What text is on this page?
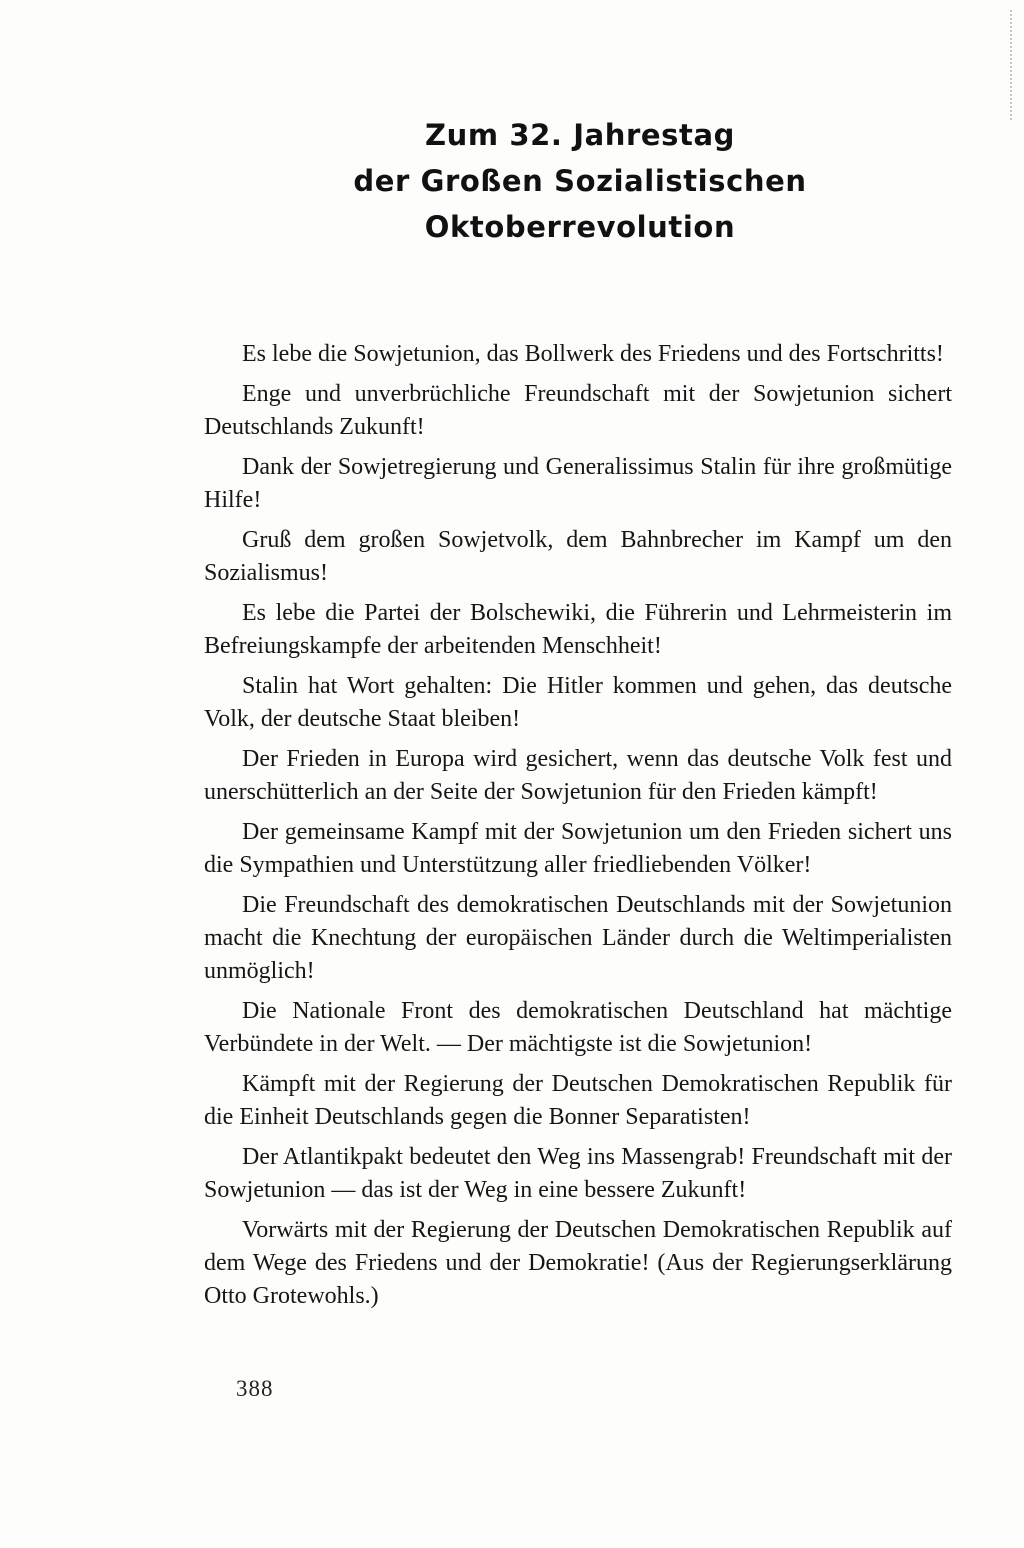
Zum 32. Jahrestag
der Großen Sozialistischen Oktoberrevolution

Es lebe die Sowjetunion, das Bollwerk des Friedens und des Fortschritts!

Enge und unverbrüchliche Freundschaft mit der Sowjetunion sichert Deutschlands Zukunft!

Dank der Sowjetregierung und Generalissimus Stalin für ihre großmütige Hilfe!

Gruß dem großen Sowjetvolk, dem Bahnbrecher im Kampf um den Sozialismus!

Es lebe die Partei der Bolschewiki, die Führerin und Lehrmeisterin im Befreiungskampfe der arbeitenden Menschheit!

Stalin hat Wort gehalten: Die Hitler kommen und gehen, das deutsche Volk, der deutsche Staat bleiben!

Der Frieden in Europa wird gesichert, wenn das deutsche Volk fest und unerschütterlich an der Seite der Sowjetunion für den Frieden kämpft!

Der gemeinsame Kampf mit der Sowjetunion um den Frieden sichert uns die Sympathien und Unterstützung aller friedliebenden Völker!

Die Freundschaft des demokratischen Deutschlands mit der Sowjetunion macht die Knechtung der europäischen Länder durch die Weltimperialisten unmöglich!

Die Nationale Front des demokratischen Deutschland hat mächtige Verbündete in der Welt. — Der mächtigste ist die Sowjetunion!

Kämpft mit der Regierung der Deutschen Demokratischen Republik für die Einheit Deutschlands gegen die Bonner Separatisten!

Der Atlantikpakt bedeutet den Weg ins Massengrab! Freundschaft mit der Sowjetunion — das ist der Weg in eine bessere Zukunft!

Vorwärts mit der Regierung der Deutschen Demokratischen Republik auf dem Wege des Friedens und der Demokratie! (Aus der Regierungserklärung Otto Grotewohls.)

388
